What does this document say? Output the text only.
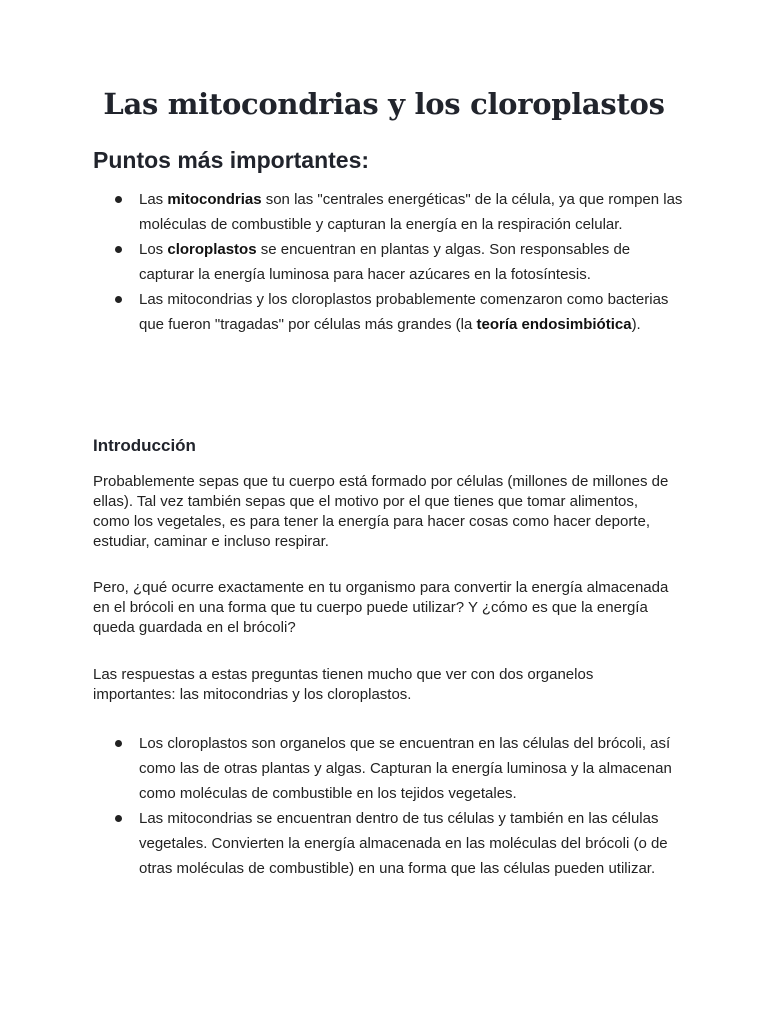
Las mitocondrias y los cloroplastos
Puntos más importantes:
Las mitocondrias son las "centrales energéticas" de la célula, ya que rompen las moléculas de combustible y capturan la energía en la respiración celular.
Los cloroplastos se encuentran en plantas y algas. Son responsables de capturar la energía luminosa para hacer azúcares en la fotosíntesis.
Las mitocondrias y los cloroplastos probablemente comenzaron como bacterias que fueron "tragadas" por células más grandes (la teoría endosimbiótica).
Introducción

Probablemente sepas que tu cuerpo está formado por células (millones de millones de ellas). Tal vez también sepas que el motivo por el que tienes que tomar alimentos, como los vegetales, es para tener la energía para hacer cosas como hacer deporte, estudiar, caminar e incluso respirar.

Pero, ¿qué ocurre exactamente en tu organismo para convertir la energía almacenada en el brócoli en una forma que tu cuerpo puede utilizar? Y ¿cómo es que la energía queda guardada en el brócoli?

Las respuestas a estas preguntas tienen mucho que ver con dos organelos importantes: las mitocondrias y los cloroplastos.

Los cloroplastos son organelos que se encuentran en las células del brócoli, así como las de otras plantas y algas. Capturan la energía luminosa y la almacenan como moléculas de combustible en los tejidos vegetales.
Las mitocondrias se encuentran dentro de tus células y también en las células vegetales. Convierten la energía almacenada en las moléculas del brócoli (o de otras moléculas de combustible) en una forma que las células pueden utilizar.
